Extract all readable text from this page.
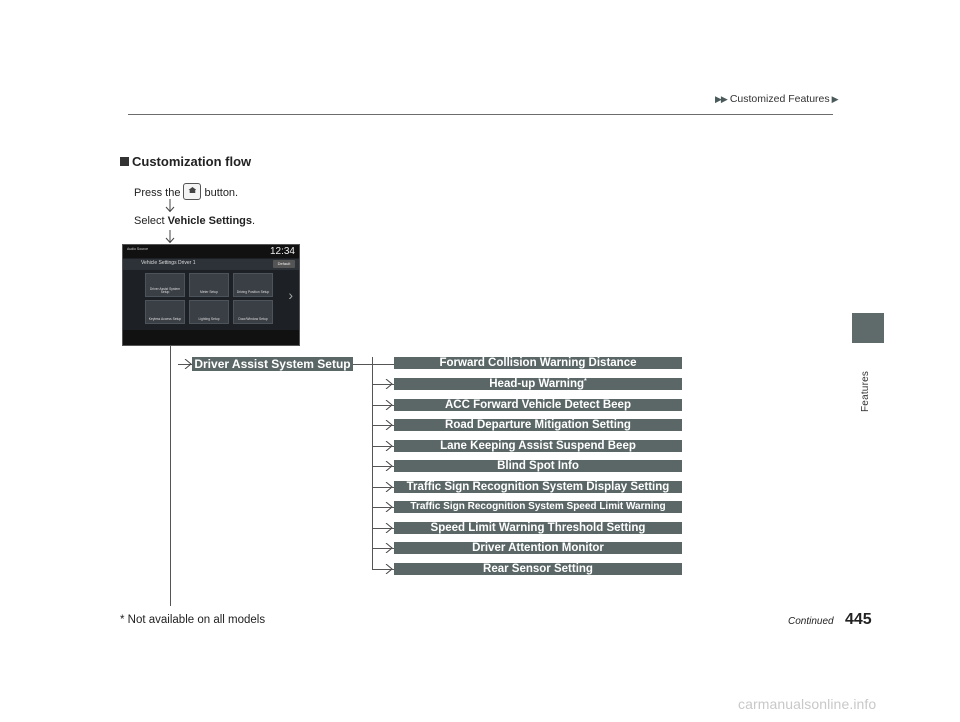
▶▶ Customized Features ▶
Features
Customization flow
Press the button.
Select Vehicle Settings.
Audio Source	12:34
Vehicle Settings Driver 1	Default
Driver Assist System Setup	Meter Setup	Driving Position Setup
Keyless Access Setup	Lighting Setup	Door/Window Setup
›
Driver Assist System Setup	Forward Collision Warning Distance
Head-up Warning*
ACC Forward Vehicle Detect Beep
Road Departure Mitigation Setting
Lane Keeping Assist Suspend Beep
Blind Spot Info
Traffic Sign Recognition System Display Setting
Traffic Sign Recognition System Speed Limit Warning
Speed Limit Warning Threshold Setting
Driver Attention Monitor
Rear Sensor Setting
* Not available on all models	Continued 445
carmanualsonline.info
